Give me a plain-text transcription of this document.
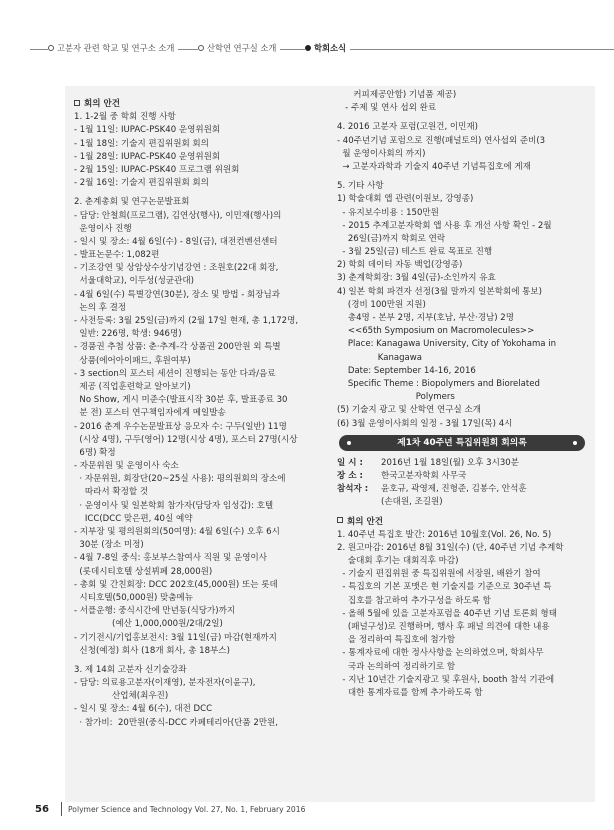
고분자 관련 학교 및 연구소 소개	산학연 연구실 소개	학회소식
회의 안건
1. 1-2월 중 학회 진행 사항
- 1월 11일: IUPAC-PSK40 운영위원회
- 1월 18일: 기술지 편집위원회 회의
- 1월 28일: IUPAC-PSK40 운영위원회
- 2월 15일: IUPAC-PSK40 프로그램 위원회
- 2월 16일: 기술지 편집위원회 회의
2. 춘계총회 및 연구논문발표회
- 담당: 안철희(프로그램), 김연상(행사), 이민재(행사)의
운영이사 진행
- 일시 및 장소: 4월 6일(수) - 8일(금), 대전컨벤션센터
- 발표논문수: 1,082편
- 기조강연 및 상암상수상기념강연 : 조원호(22대 회장,
서울대학교), 이두성(성균관대)
- 4월 6일(수) 특별강연(30분), 장소 및 방법 - 회장님과
논의 후 결정
- 사전등록: 3월 25일(금)까지 (2월 17일 현재, 총 1,172명,
일반: 226명, 학생: 946명)
- 경품권 추첨 상품: 춘·추계-각 상품권 200만원 외 특별
상품(에어아이패드, 후원여부)
- 3 section의 포스터 세션이 진행되는 동안 다과/음료
제공 (직업훈련학교 알아보기)
No Show, 게시 미준수(발표시작 30분 후, 발표종료 30
분 전) 포스터 연구책임자에게 메일발송
- 2016 춘계 우수논문발표상 응모자 수: 구두(일반) 11명
(시상 4명), 구두(영어) 12명(시상 4명), 포스터 27명(시상
6명) 확정
- 자문위원 및 운영이사 숙소
· 자문위원, 회장단(20~25실 사용): 평의원회의 장소에
따라서 확정할 것
· 운영이사 및 일본학회 참가자(담당자 임성갑): 호텔
ICC(DCC 맞은편, 40실 예약
- 지부장 및 평의원회의(50여명): 4월 6일(수) 오후 6시
30분 (장소 미정)
- 4월 7-8일 중식: 홍보부스참여사 직원 및 운영이사
(롯데시티호텔 상설뷔페 28,000원)
- 총회 및 간친회장: DCC 202호(45,000원) 또는 롯데
시티호텔(50,000원) 맞춤메뉴
- 서플운행: 중식시간에 만년동(식당가)까지
(예산 1,000,000원/2대/2일)
- 기기전시/기업홍보전시: 3월 11일(금) 마감(현재까지
신청(예정) 회사 (18개 회사, 총 18부스)
3. 제 14회 고분자 신기술강좌
- 담당: 의료용고분자(이재영), 분자전자(이윤구),
산업체(최우진)
- 일시 및 장소: 4월 6(수), 대전 DCC
· 참가비:  20만원(중식-DCC 카페테리아(단품 2만원,
커피제공안함) 기념품 제공)
- 주제 및 연사 섭외 완료
4. 2016 고분자 포럼(고원건, 이민재)
- 40주년기념 포럼으로 진행(패널토의) 연사섭외 준비(3
월 운영이사회의 까지)
→ 고분자과학과 기술지 40주년 기념특집호에 게재
5. 기타 사항
1) 학술대회 앱 관련(이원보, 강영종)
- 유지보수비용 : 150만원
- 2015 추계고분자학회 앱 사용 후 개선 사항 확인 - 2월
26일(금)까지 학회로 연락
- 3월 25일(금) 테스트 완료 목표로 진행
2) 학회 데이터 자동 백업(강영종)
3) 춘계학회장: 3월 4일(금)-소인까지 유효
4) 일본 학회 파견자 선정(3월 말까지 일본학회에 통보)
(경비 100만원 지원)
총4명 - 본부 2명, 지부(호남, 부산·경남) 2명
<<65th Symposium on Macromolecules>>
Place: Kanagawa University, City of Yokohama in
Kanagawa
Date: September 14-16, 2016
Specific Theme : Biopolymers and Biorelated
Polymers
(5) 기술지 광고 및 산학연 연구실 소개
(6) 3월 운영이사회의 일정 - 3월 17일(목) 4시
제1차 40주년 특집위원회 회의록
일 시 :	2016년 1월 18일(월) 오후 3시30분
장 소 :	한국고분자학회 사무국
참석자 :	윤호규, 곽영제, 진형준, 김봉수, 안석훈
(손대원, 조길원)
회의 안건
1. 40주년 특집호 발간: 2016년 10월호(Vol. 26, No. 5)
2. 원고마감: 2016년 8월 31일(수) (단, 40주년 기념 추계학
술대회 후기는 대회직후 마감)
- 기술지 편집위원 중 특집위원에 서장원, 배완기 참여
- 특집호의 기본 포맷은 현 기술지를 기준으로 30주년 특
집호를 참고하여 추가구성을 하도록 함
- 올해 5월에 있을 고분자포럼을 40주년 기념 토론회 형태
(패널구성)로 진행하며, 행사 후 패널 의견에 대한 내용
을 정리하여 특집호에 첨가함
- 통계자료에 대한 정사사항을 논의하였으며, 학회사무
국과 논의하여 정리하기로 함
- 지난 10년간 기술지광고 및 후원사, booth 참석 기관에
대한 통계자료를 함께 추가하도록 함
56	Polymer Science and Technology Vol. 27, No. 1, February 2016
